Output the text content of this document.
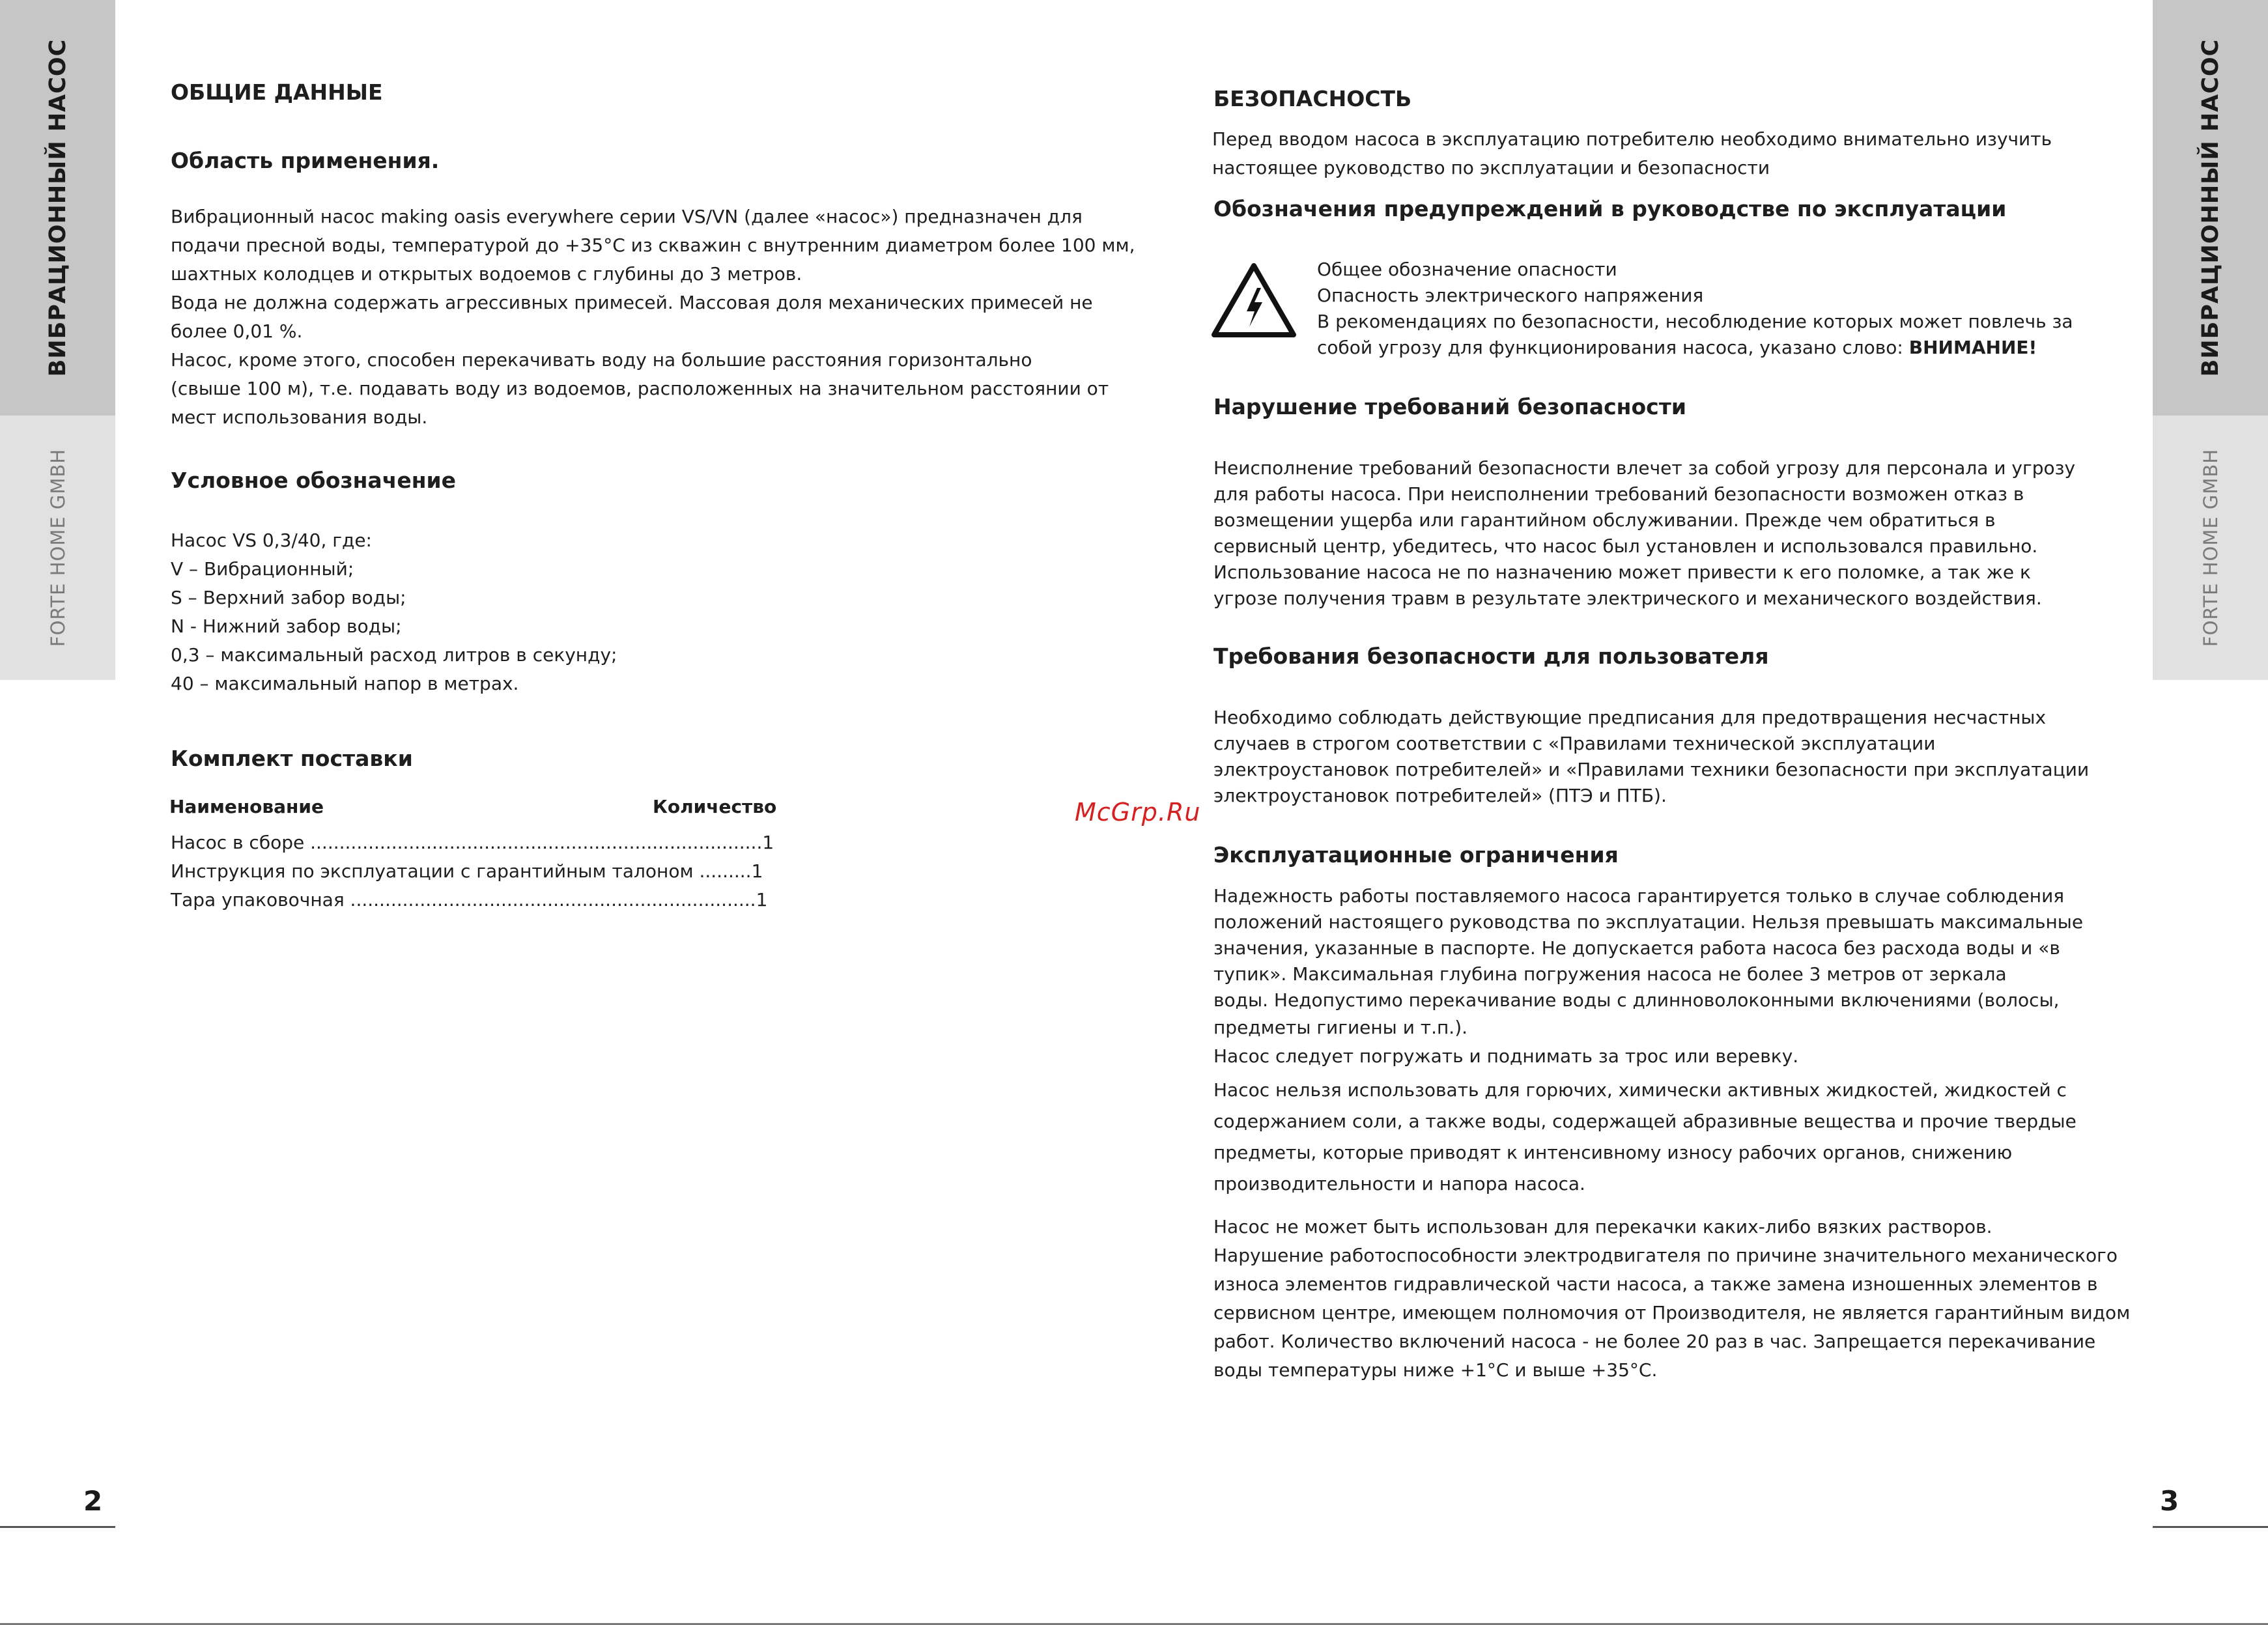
ВИБРАЦИОННЫЙ НАСОС
FORTE HOME GMBH
2
ВИБРАЦИОННЫЙ НАСОС
FORTE HOME GMBH
3
ОБЩИЕ ДАННЫЕ
Область применения.
Вибрационный насос making oasis everywhere серии VS/VN (далее «насос») предназначен для
подачи пресной воды, температурой до +35°С из скважин с внутренним диаметром более 100 мм,
шахтных колодцев и открытых водоемов с глубины до 3 метров.
Вода не должна содержать агрессивных примесей. Массовая доля механических примесей не
более 0,01 %.
Насос, кроме этого, способен перекачивать воду на большие расстояния горизонтально
(свыше 100 м), т.е. подавать воду из водоемов, расположенных на значительном расстоянии от
мест использования воды.
Условное обозначение
Насос VS 0,3/40, где:
V – Вибрационный;
S – Верхний забор воды;
N - Нижний забор воды;
0,3 – максимальный расход литров в секунду;
40 – максимальный напор в метрах.
Комплект поставки
Наименование	Количество
Насос в сборе ..............................................................................1
Инструкция по эксплуатации с гарантийным талоном .........1
Тара упаковочная ......................................................................1
McGrp.Ru
БЕЗОПАСНОСТЬ
Перед вводом насоса в эксплуатацию потребителю необходимо внимательно изучить
настоящее руководство по эксплуатации и безопасности
Обозначения предупреждений в руководстве по эксплуатации
Общее обозначение опасности
Опасность электрического напряжения
В рекомендациях по безопасности, несоблюдение которых может повлечь за
собой угрозу для функционирования насоса, указано слово: ВНИМАНИЕ!
Нарушение требований безопасности
Неисполнение требований безопасности влечет за собой угрозу для персонала и угрозу
для работы насоса. При неисполнении требований безопасности возможен отказ в
возмещении ущерба или гарантийном обслуживании. Прежде чем обратиться в
сервисный центр, убедитесь, что насос был установлен и использовался правильно.
Использование насоса не по назначению может привести к его поломке, а так же к
угрозе получения травм в результате электрического и механического воздействия.
Требования безопасности для пользователя
Необходимо соблюдать действующие предписания для предотвращения несчастных
случаев в строгом соответствии с «Правилами технической эксплуатации
электроустановок потребителей» и «Правилами техники безопасности при эксплуатации
электроустановок потребителей» (ПТЭ и ПТБ).
Эксплуатационные ограничения
Надежность работы поставляемого насоса гарантируется только в случае соблюдения
положений настоящего руководства по эксплуатации. Нельзя превышать максимальные
значения, указанные в паспорте. Не допускается работа насоса без расхода воды и «в
тупик». Максимальная глубина погружения насоса не более 3 метров от зеркала
воды. Недопустимо перекачивание воды с длинноволоконными включениями (волосы,
предметы гигиены и т.п.).
Насос следует погружать и поднимать за трос или веревку.
Насос нельзя использовать для горючих, химически активных жидкостей, жидкостей с
содержанием соли, а также воды, содержащей абразивные вещества и прочие твердые
предметы, которые приводят к интенсивному износу рабочих органов, снижению
производительности и напора насоса.
Насос не может быть использован для перекачки каких-либо вязких растворов.
Нарушение работоспособности электродвигателя по причине значительного механического
износа элементов гидравлической части насоса, а также замена изношенных элементов в
сервисном центре, имеющем полномочия от Производителя, не является гарантийным видом
работ. Количество включений насоса - не более 20 раз в час. Запрещается перекачивание
воды температуры ниже +1°С и выше +35°С.
